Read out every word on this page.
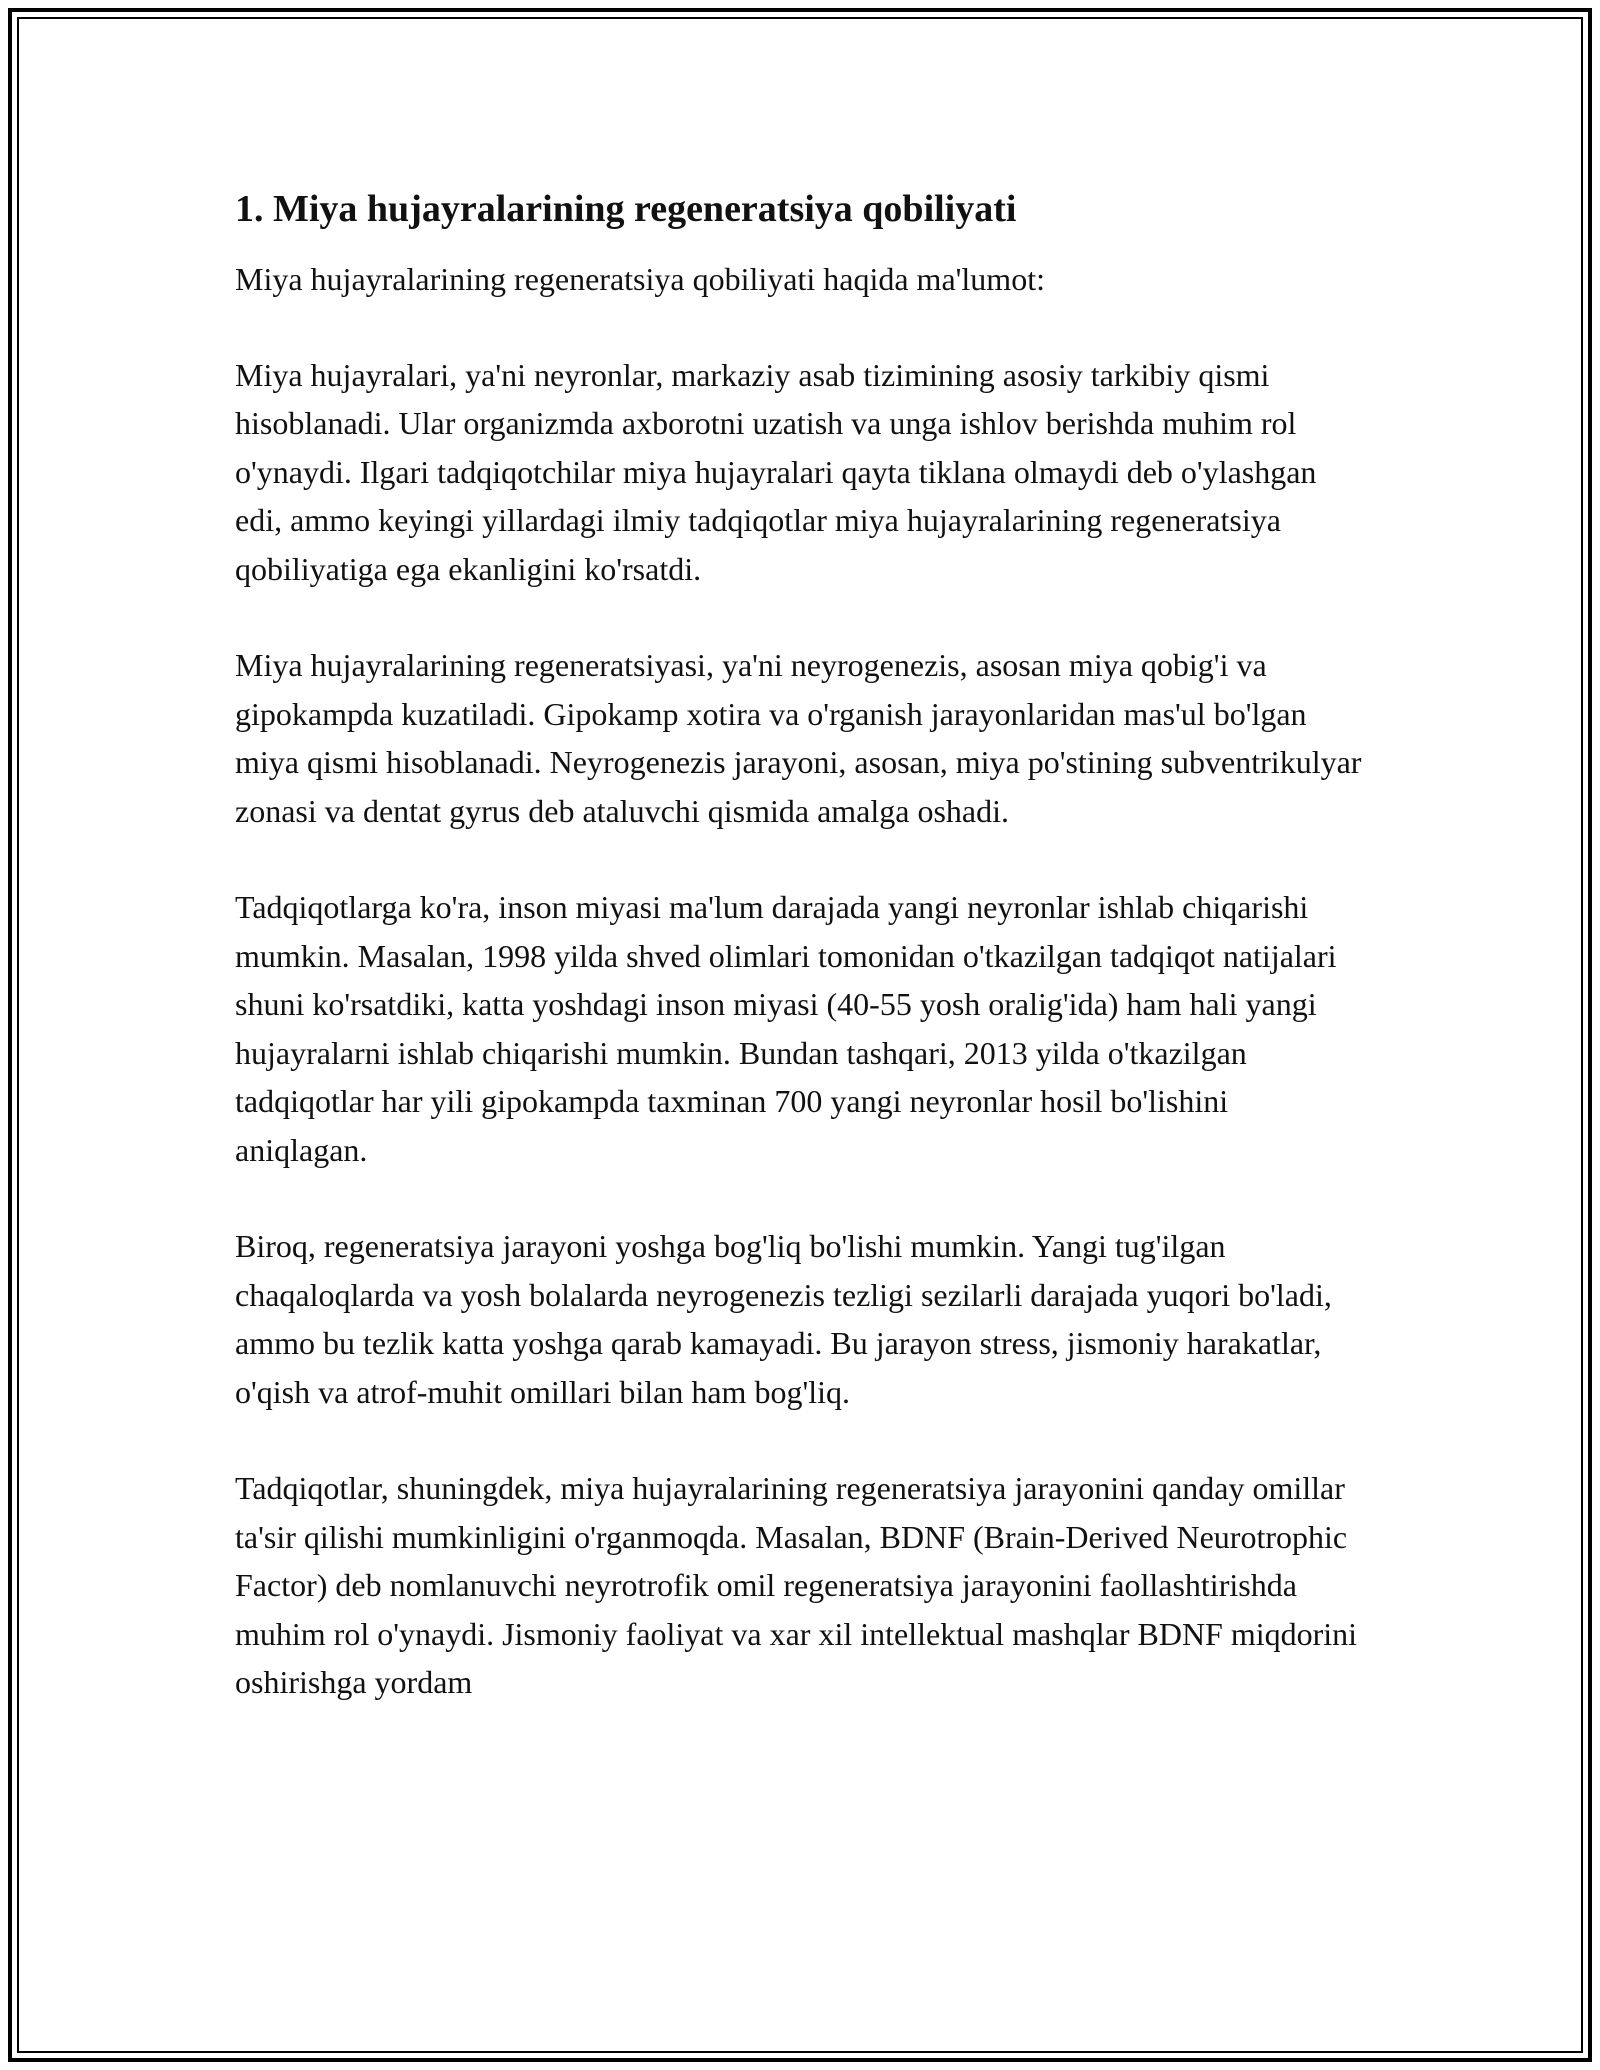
1. Miya hujayralarining regeneratsiya qobiliyati

Miya hujayralarining regeneratsiya qobiliyati haqida ma'lumot:

Miya hujayralari, ya'ni neyronlar, markaziy asab tizimining asosiy tarkibiy qismi hisoblanadi. Ular organizmda axborotni uzatish va unga ishlov berishda muhim rol o'ynaydi. Ilgari tadqiqotchilar miya hujayralari qayta tiklana olmaydi deb o'ylashgan edi, ammo keyingi yillardagi ilmiy tadqiqotlar miya hujayralarining regeneratsiya qobiliyatiga ega ekanligini ko'rsatdi.

Miya hujayralarining regeneratsiyasi, ya'ni neyrogenezis, asosan miya qobig'i va gipokampda kuzatiladi. Gipokamp xotira va o'rganish jarayonlaridan mas'ul bo'lgan miya qismi hisoblanadi. Neyrogenezis jarayoni, asosan, miya po'stining subventrikulyar zonasi va dentat gyrus deb ataluvchi qismida amalga oshadi.

Tadqiqotlarga ko'ra, inson miyasi ma'lum darajada yangi neyronlar ishlab chiqarishi mumkin. Masalan, 1998 yilda shved olimlari tomonidan o'tkazilgan tadqiqot natijalari shuni ko'rsatdiki, katta yoshdagi inson miyasi (40-55 yosh oralig'ida) ham hali yangi hujayralarni ishlab chiqarishi mumkin. Bundan tashqari, 2013 yilda o'tkazilgan tadqiqotlar har yili gipokampda taxminan 700 yangi neyronlar hosil bo'lishini aniqlagan.

Biroq, regeneratsiya jarayoni yoshga bog'liq bo'lishi mumkin. Yangi tug'ilgan chaqaloqlarda va yosh bolalarda neyrogenezis tezligi sezilarli darajada yuqori bo'ladi, ammo bu tezlik katta yoshga qarab kamayadi. Bu jarayon stress, jismoniy harakatlar, o'qish va atrof-muhit omillari bilan ham bog'liq.

Tadqiqotlar, shuningdek, miya hujayralarining regeneratsiya jarayonini qanday omillar ta'sir qilishi mumkinligini o'rganmoqda. Masalan, BDNF (Brain-Derived Neurotrophic Factor) deb nomlanuvchi neyrotrofik omil regeneratsiya jarayonini faollashtirishda muhim rol o'ynaydi. Jismoniy faoliyat va xar xil intellektual mashqlar BDNF miqdorini oshirishga yordam
